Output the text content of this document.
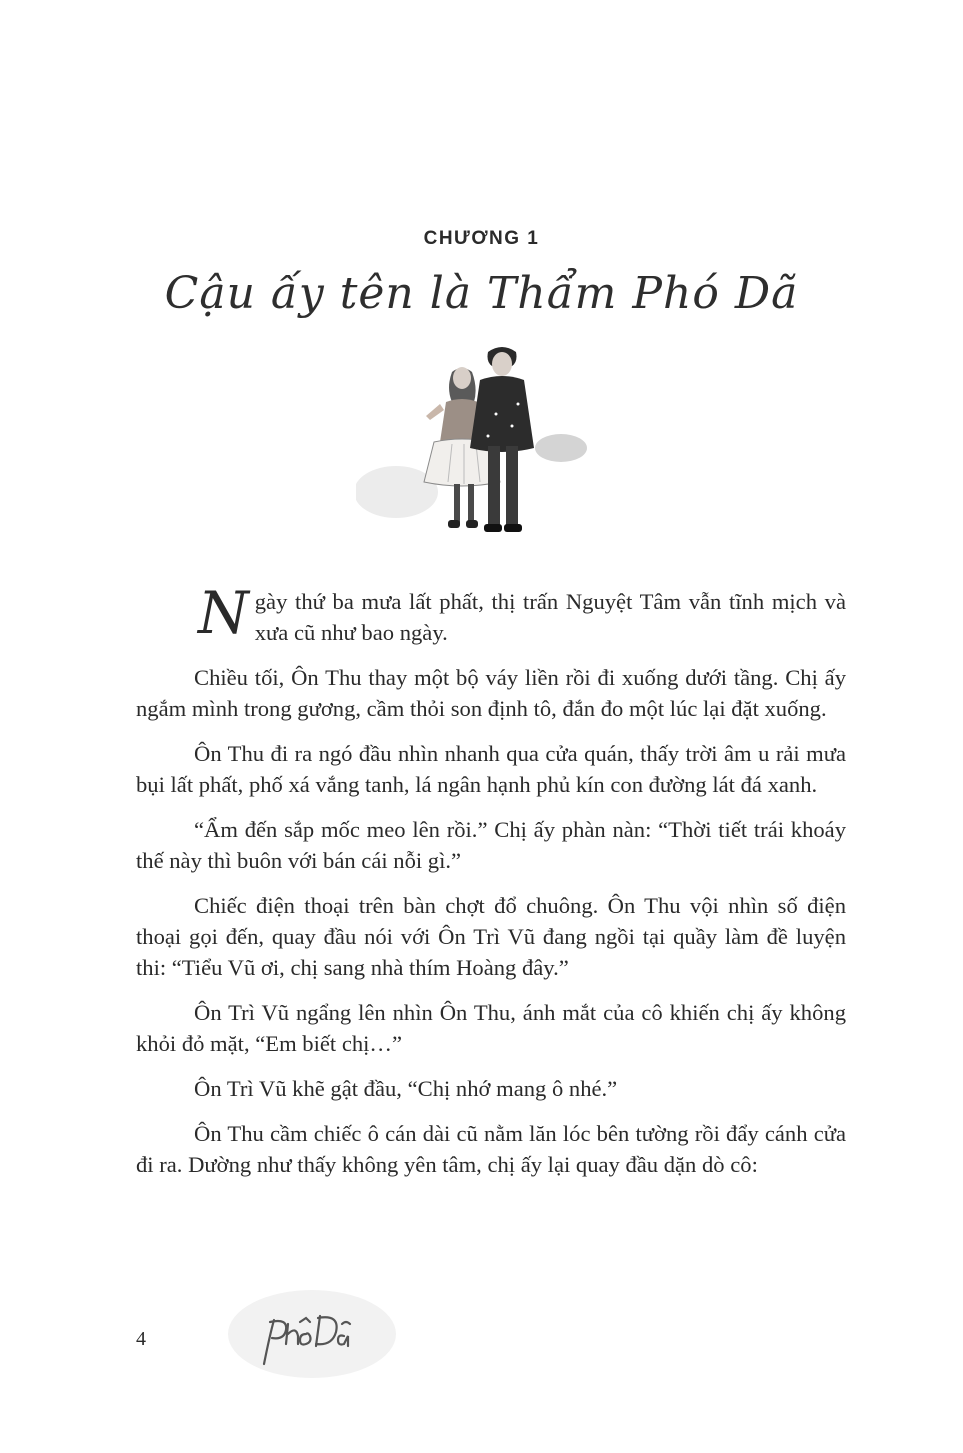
CHƯƠNG 1
Cậu ấy tên là Thẩm Phó Dã

Ngày thứ ba mưa lất phất, thị trấn Nguyệt Tâm vẫn tĩnh mịch và xưa cũ như bao ngày.

Chiều tối, Ôn Thu thay một bộ váy liền rồi đi xuống dưới tầng. Chị ấy ngắm mình trong gương, cầm thỏi son định tô, đắn đo một lúc lại đặt xuống.

Ôn Thu đi ra ngó đầu nhìn nhanh qua cửa quán, thấy trời âm u rải mưa bụi lất phất, phố xá vắng tanh, lá ngân hạnh phủ kín con đường lát đá xanh.

“Ẩm đến sắp mốc meo lên rồi.” Chị ấy phàn nàn: “Thời tiết trái khoáy thế này thì buôn với bán cái nỗi gì.”

Chiếc điện thoại trên bàn chợt đổ chuông. Ôn Thu vội nhìn số điện thoại gọi đến, quay đầu nói với Ôn Trì Vũ đang ngồi tại quầy làm đề luyện thi: “Tiểu Vũ ơi, chị sang nhà thím Hoàng đây.”

Ôn Trì Vũ ngẩng lên nhìn Ôn Thu, ánh mắt của cô khiến chị ấy không khỏi đỏ mặt, “Em biết chị…”

Ôn Trì Vũ khẽ gật đầu, “Chị nhớ mang ô nhé.”

Ôn Thu cầm chiếc ô cán dài cũ nằm lăn lóc bên tường rồi đẩy cánh cửa đi ra. Dường như thấy không yên tâm, chị ấy lại quay đầu dặn dò cô:

4
